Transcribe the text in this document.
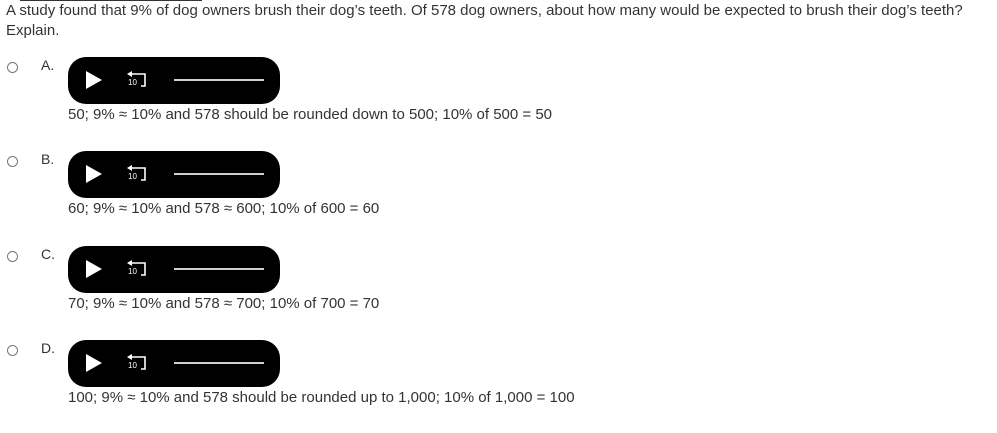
A study found that 9% of dog owners brush their dog’s teeth. Of 578 dog owners, about how many would be expected to brush their dog’s teeth? Explain.
A.
10
50; 9% ≈ 10% and 578 should be rounded down to 500; 10% of 500 = 50
B.
10
60; 9% ≈ 10% and 578 ≈ 600; 10% of 600 = 60
C.
10
70; 9% ≈ 10% and 578 ≈ 700; 10% of 700 = 70
D.
10
100; 9% ≈ 10% and 578 should be rounded up to 1,000; 10% of 1,000 = 100
